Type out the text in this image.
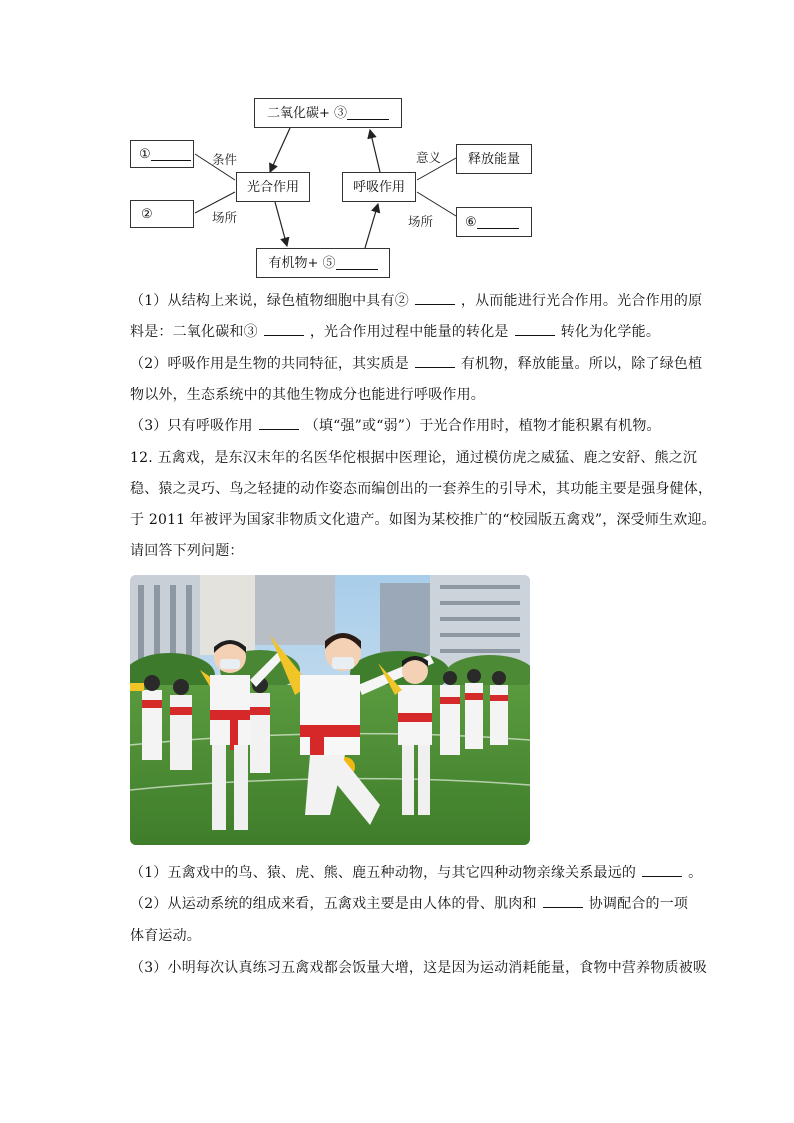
二氧化碳+ ③
①
②
光合作用	呼吸作用
有机物+ ⑤
释放能量
⑥
条件
场所
意义
场所
（1）从结构上来说，绿色植物细胞中具有②	，从而能进行光合作用。光合作用的原
料是：二氧化碳和③	，光合作用过程中能量的转化是	转化为化学能。
（2）呼吸作用是生物的共同特征，其实质是	有机物，释放能量。所以，除了绿色植
物以外，生态系统中的其他生物成分也能进行呼吸作用。
（3）只有呼吸作用	（填“强”或“弱”）于光合作用时，植物才能积累有机物。
12. 五禽戏，是东汉末年的名医华佗根据中医理论，通过模仿虎之威猛、鹿之安舒、熊之沉
稳、猿之灵巧、鸟之轻捷的动作姿态而编创出的一套养生的引导术，其功能主要是强身健体，
于 2011 年被评为国家非物质文化遗产。如图为某校推广的“校园版五禽戏”，深受师生欢迎。
请回答下列问题：
（1）五禽戏中的鸟、猿、虎、熊、鹿五种动物，与其它四种动物亲缘关系最远的	。
（2）从运动系统的组成来看，五禽戏主要是由人体的骨、肌肉和	协调配合的一项
体育运动。
（3）小明每次认真练习五禽戏都会饭量大增，这是因为运动消耗能量，食物中营养物质被吸
